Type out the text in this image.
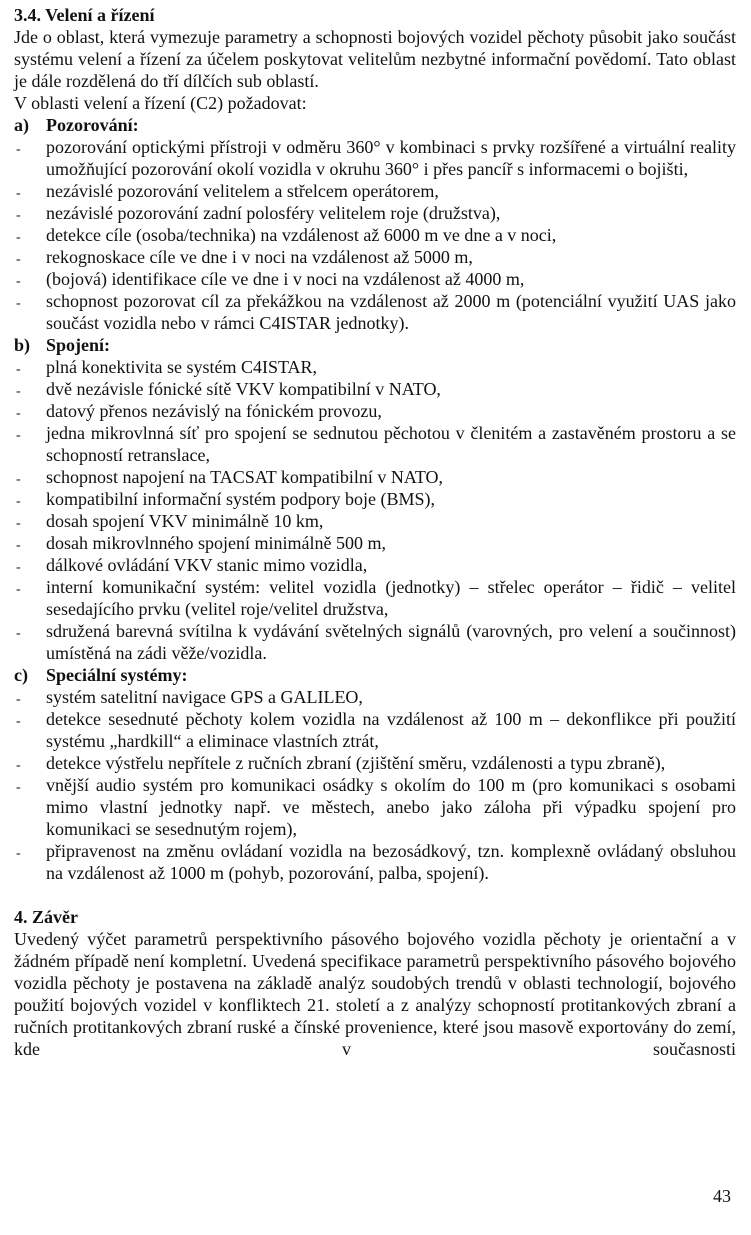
3.4. Velení a řízení

Jde o oblast, která vymezuje parametry a schopnosti bojových vozidel pěchoty působit jako součást systému velení a řízení za účelem poskytovat velitelům nezbytné informační povědomí. Tato oblast je dále rozdělená do tří dílčích sub oblastí.

V oblasti velení a řízení (C2) požadovat:

a) Pozorování:
- pozorování optickými přístroji v odměru 360° v kombinaci s prvky rozšířené a virtuální reality umožňující pozorování okolí vozidla v okruhu 360° i přes pancíř s informacemi o bojišti,
- nezávislé pozorování velitelem a střelcem operátorem,
- nezávislé pozorování zadní polosféry velitelem roje (družstva),
- detekce cíle (osoba/technika) na vzdálenost až 6000 m ve dne a v noci,
- rekognoskace cíle ve dne i v noci na vzdálenost až 5000 m,
- (bojová) identifikace cíle ve dne i v noci na vzdálenost až 4000 m,
- schopnost pozorovat cíl za překážkou na vzdálenost až 2000 m (potenciální využití UAS jako součást vozidla nebo v rámci C4ISTAR jednotky).
b) Spojení:
- plná konektivita se systém C4ISTAR,
- dvě nezávisle fónické sítě VKV kompatibilní v NATO,
- datový přenos nezávislý na fónickém provozu,
- jedna mikrovlnná síť pro spojení se sednutou pěchotou v členitém a zastavěném prostoru a se schopností retranslace,
- schopnost napojení na TACSAT kompatibilní v NATO,
- kompatibilní informační systém podpory boje (BMS),
- dosah spojení VKV minimálně 10 km,
- dosah mikrovlnného spojení minimálně 500 m,
- dálkové ovládání VKV stanic mimo vozidla,
- interní komunikační systém: velitel vozidla (jednotky) – střelec operátor – řidič – velitel sesedajícího prvku (velitel roje/velitel družstva,
- sdružená barevná svítilna k vydávání světelných signálů (varovných, pro velení a součinnost) umístěná na zádi věže/vozidla.
c)	Speciální systémy:
- systém satelitní navigace GPS a GALILEO,
- detekce sesednuté pěchoty kolem vozidla na vzdálenost až 100 m – dekonflikce při použití systému „hardkill“ a eliminace vlastních ztrát,
- detekce výstřelu nepřítele z ručních zbraní (zjištění směru, vzdálenosti a typu zbraně),
- vnější audio systém pro komunikaci osádky s okolím do 100 m (pro komunikaci s osobami mimo vlastní jednotky např. ve městech, anebo jako záloha při výpadku spojení pro komunikaci se sesednutým rojem),
- připravenost na změnu ovládaní vozidla na bezosádkový, tzn. komplexně ovládaný obsluhou na vzdálenost až 1000 m (pohyb, pozorování, palba, spojení).
4. Závěr

Uvedený výčet parametrů perspektivního pásového bojového vozidla pěchoty je orientační a v žádném případě není kompletní. Uvedená specifikace parametrů perspektivního pásového bojového vozidla pěchoty je postavena na základě analýz soudobých trendů v oblasti technologií, bojového použití bojových vozidel v konfliktech 21. století a z analýzy schopností protitankových zbraní a ručních protitankových zbraní ruské a čínské provenience, které jsou masově exportovány do zemí, kde v současnosti

43
